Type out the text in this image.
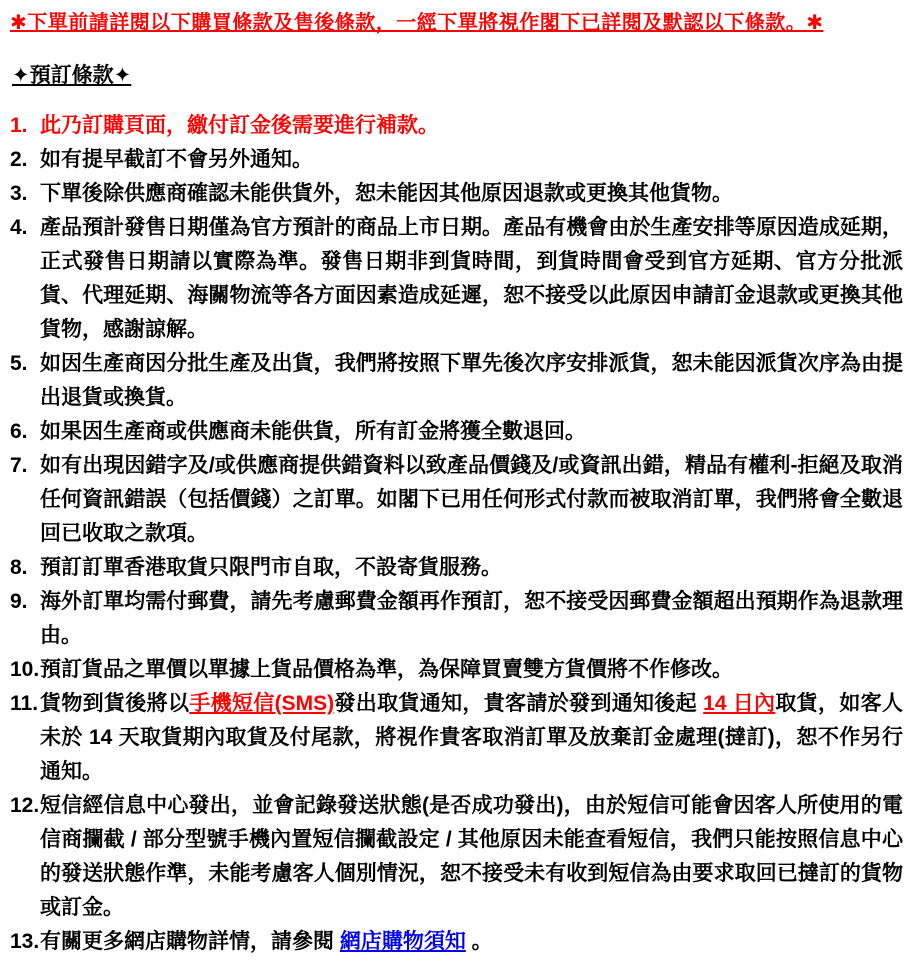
✱下單前請詳閱以下購買條款及售後條款，一經下單將視作閣下已詳閱及默認以下條款。✱
✦預訂條款✦
1. 此乃訂購頁面，繳付訂金後需要進行補款。
2. 如有提早截訂不會另外通知。
3. 下單後除供應商確認未能供貨外，恕未能因其他原因退款或更換其他貨物。
4. 產品預計發售日期僅為官方預計的商品上市日期。產品有機會由於生產安排等原因造成延期，正式發售日期請以實際為準。發售日期非到貨時間，到貨時間會受到官方延期、官方分批派貨、代理延期、海關物流等各方面因素造成延遲，恕不接受以此原因申請訂金退款或更換其他貨物，感謝諒解。
5. 如因生產商因分批生產及出貨，我們將按照下單先後次序安排派貨，恕未能因派貨次序為由提出退貨或換貨。
6. 如果因生產商或供應商未能供貨，所有訂金將獲全數退回。
7. 如有出現因錯字及/或供應商提供錯資料以致產品價錢及/或資訊出錯，精品有權利-拒絕及取消任何資訊錯誤（包括價錢）之訂單。如閣下已用任何形式付款而被取消訂單，我們將會全數退回已收取之款項。
8. 預訂訂單香港取貨只限門市自取，不設寄貨服務。
9. 海外訂單均需付郵費，請先考慮郵費金額再作預訂，恕不接受因郵費金額超出預期作為退款理由。
10. 預訂貨品之單價以單據上貨品價格為準，為保障買賣雙方貨價將不作修改。
11. 貨物到貨後將以手機短信(SMS)發出取貨通知，貴客請於發到通知後起 14 日內取貨，如客人未於 14 天取貨期內取貨及付尾款，將視作貴客取消訂單及放棄訂金處理(撻訂)，恕不作另行通知。
12. 短信經信息中心發出，並會記錄發送狀態(是否成功發出)，由於短信可能會因客人所使用的電信商攔截 / 部分型號手機內置短信攔截設定 / 其他原因未能查看短信，我們只能按照信息中心的發送狀態作準，未能考慮客人個別情況，恕不接受未有收到短信為由要求取回已撻訂的貨物或訂金。
13. 有關更多網店購物詳情，請參閱 網店購物須知 。
